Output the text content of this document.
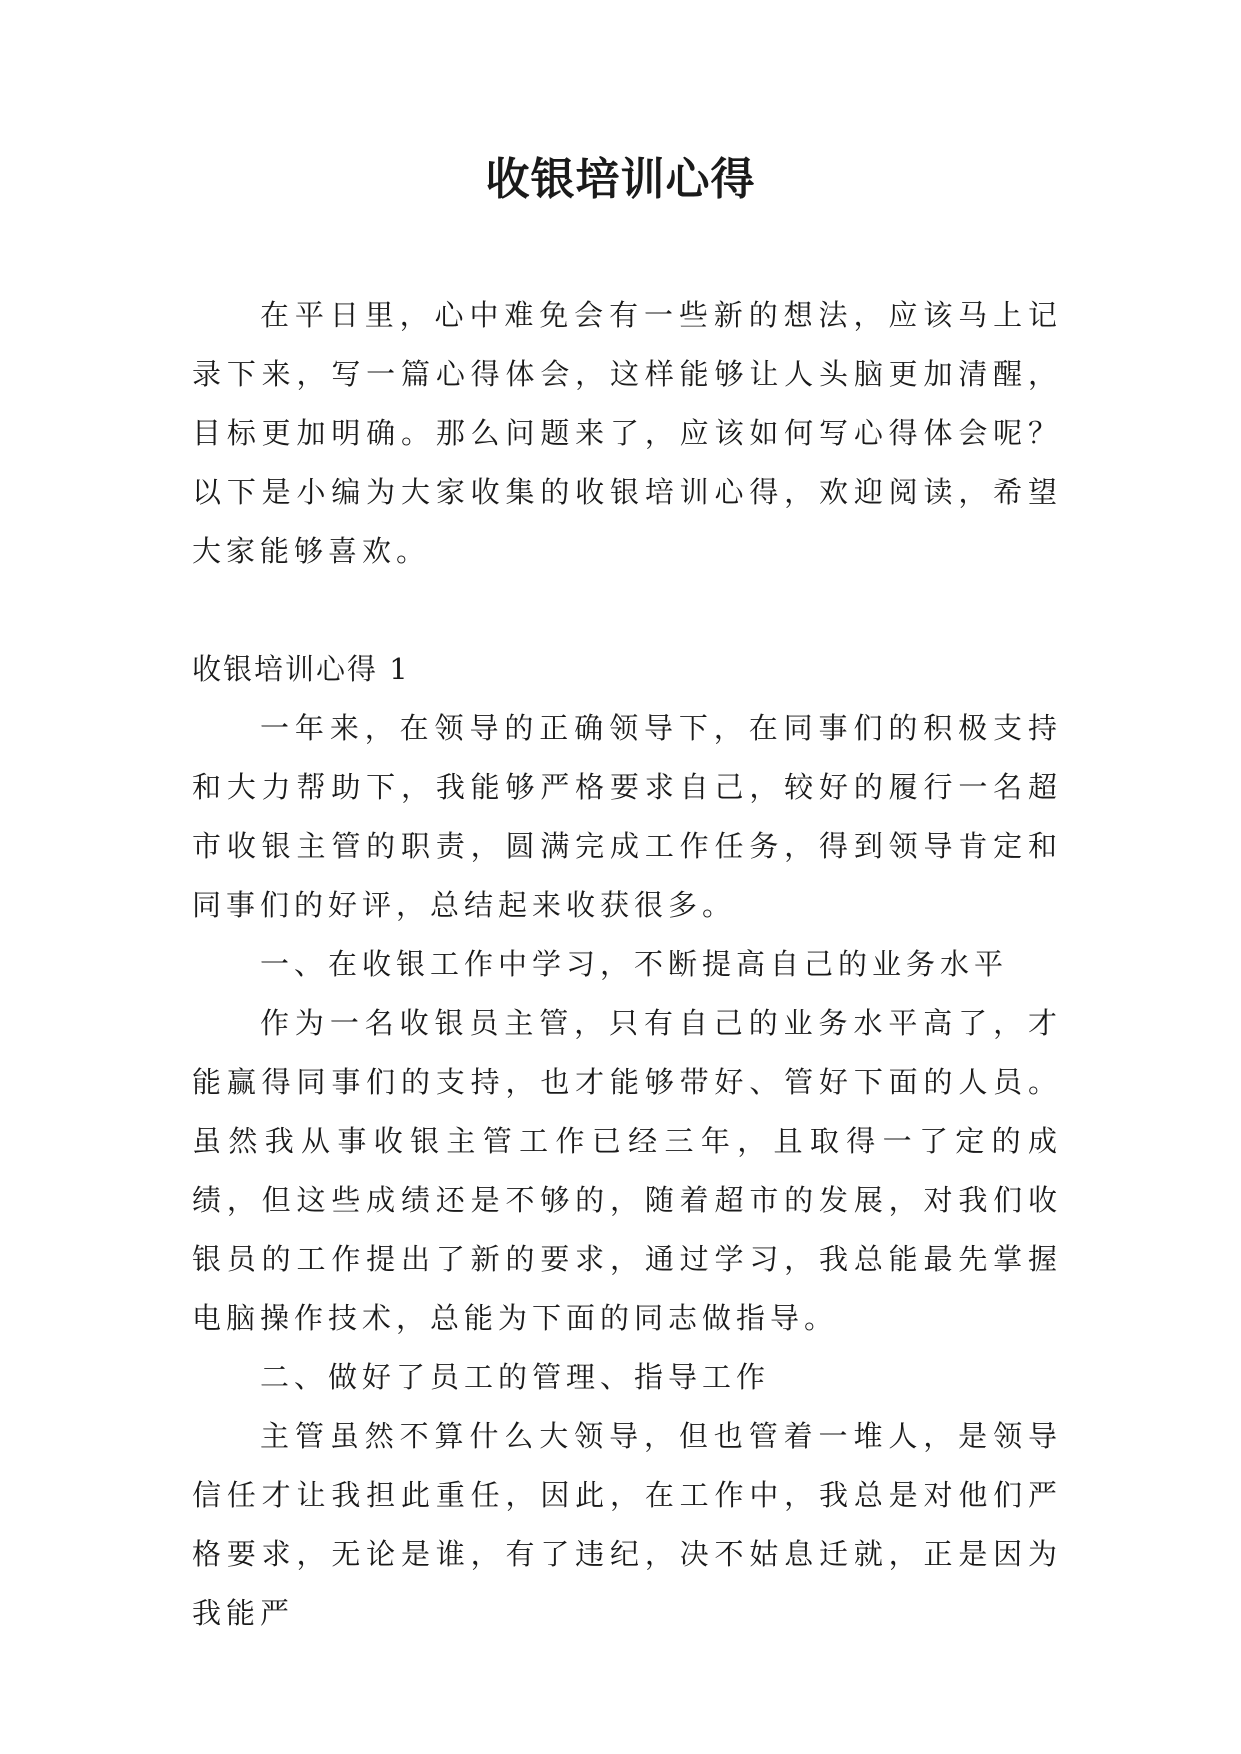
收银培训心得

在平日里，心中难免会有一些新的想法，应该马上记录下来，写一篇心得体会，这样能够让人头脑更加清醒，目标更加明确。那么问题来了，应该如何写心得体会呢？以下是小编为大家收集的收银培训心得，欢迎阅读，希望大家能够喜欢。

收银培训心得 1

一年来，在领导的正确领导下，在同事们的积极支持和大力帮助下，我能够严格要求自己，较好的履行一名超市收银主管的职责，圆满完成工作任务，得到领导肯定和同事们的好评，总结起来收获很多。

一、在收银工作中学习，不断提高自己的业务水平

作为一名收银员主管，只有自己的业务水平高了，才能赢得同事们的支持，也才能够带好、管好下面的人员。虽然我从事收银主管工作已经三年，且取得一了定的成绩，但这些成绩还是不够的，随着超市的发展，对我们收银员的工作提出了新的要求，通过学习，我总能最先掌握电脑操作技术，总能为下面的同志做指导。

二、做好了员工的管理、指导工作

主管虽然不算什么大领导，但也管着一堆人，是领导信任才让我担此重任，因此，在工作中，我总是对他们严格要求，无论是谁，有了违纪，决不姑息迁就，正是因为我能严
